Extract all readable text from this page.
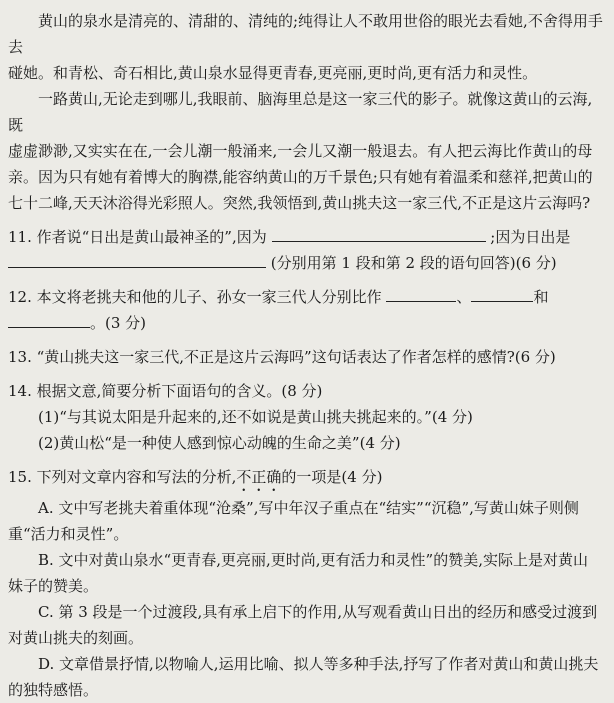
黄山的泉水是清亮的、清甜的、清纯的;纯得让人不敢用世俗的眼光去看她,不舍得用手去

碰她。和青松、奇石相比,黄山泉水显得更青春,更亮丽,更时尚,更有活力和灵性。

一路黄山,无论走到哪儿,我眼前、脑海里总是这一家三代的影子。就像这黄山的云海,既

虚虚渺渺,又实实在在,一会儿潮一般涌来,一会儿又潮一般退去。有人把云海比作黄山的母

亲。因为只有她有着博大的胸襟,能容纳黄山的万千景色;只有她有着温柔和慈祥,把黄山的

七十二峰,天天沐浴得光彩照人。突然,我领悟到,黄山挑夫这一家三代,不正是这片云海吗?

11. 作者说“日出是黄山最神圣的”,因为	;因为日出是
(分别用第 1 段和第 2 段的语句回答)(6 分)
12. 本文将老挑夫和他的儿子、孙女一家三代人分别比作	、	和
。(3 分)
13. “黄山挑夫这一家三代,不正是这片云海吗”这句话表达了作者怎样的感情?(6 分)
14. 根据文意,简要分析下面语句的含义。(8 分)
(1)“与其说太阳是升起来的,还不如说是黄山挑夫挑起来的。”(4 分)
(2)黄山松“是一种使人感到惊心动魄的生命之美”(4 分)
15. 下列对文章内容和写法的分析,不正确的一项是(4 分)
A. 文中写老挑夫着重体现“沧桑”,写中年汉子重点在“结实”“沉稳”,写黄山妹子则侧
重“活力和灵性”。
B. 文中对黄山泉水“更青春,更亮丽,更时尚,更有活力和灵性”的赞美,实际上是对黄山
妹子的赞美。
C. 第 3 段是一个过渡段,具有承上启下的作用,从写观看黄山日出的经历和感受过渡到
对黄山挑夫的刻画。
D. 文章借景抒情,以物喻人,运用比喻、拟人等多种手法,抒写了作者对黄山和黄山挑夫
的独特感悟。
